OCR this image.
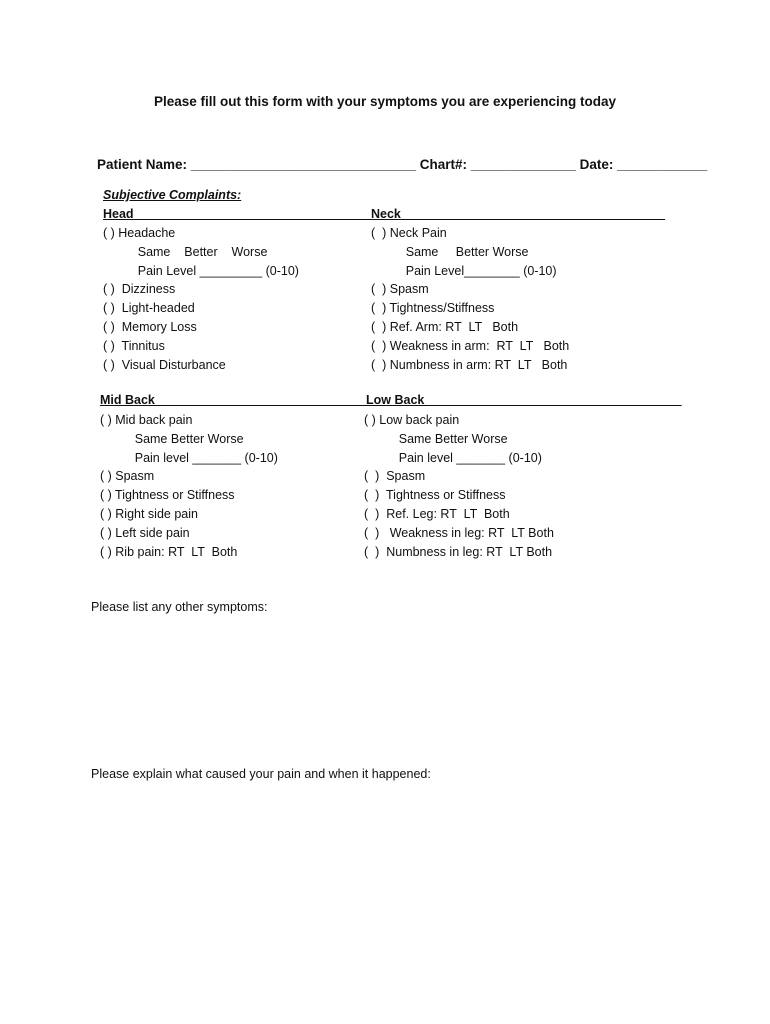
Please fill out this form with your symptoms you are experiencing today
Patient Name: ______________________________ Chart#: ______________ Date: ____________
Subjective Complaints:
Head ___________________________________
( ) Headache
Same    Better    Worse
Pain Level _________ (0-10)
( )  Dizziness
( )  Light-headed
( )  Memory Loss
( )  Tinnitus
( )  Visual Disturbance
Neck______________________________________
(  ) Neck Pain
Same     Better Worse
Pain Level________ (0-10)
(  ) Spasm
(  ) Tightness/Stiffness
(  ) Ref. Arm: RT  LT   Both
(  ) Weakness in arm:  RT  LT   Both
(  ) Numbness in arm: RT  LT   Both
Mid Back________________________________
( ) Mid back pain
Same Better Worse
Pain level _______ (0-10)
( ) Spasm
( ) Tightness or Stiffness
( ) Right side pain
( ) Left side pain
( ) Rib pain: RT  LT  Both
Low Back_____________________________________
( ) Low back pain
Same Better Worse
Pain level _______ (0-10)
(  )  Spasm
(  )  Tightness or Stiffness
(  )  Ref. Leg: RT  LT  Both
(  )   Weakness in leg: RT  LT Both
(  )  Numbness in leg: RT  LT Both
Please list any other symptoms:
Please explain what caused your pain and when it happened:
